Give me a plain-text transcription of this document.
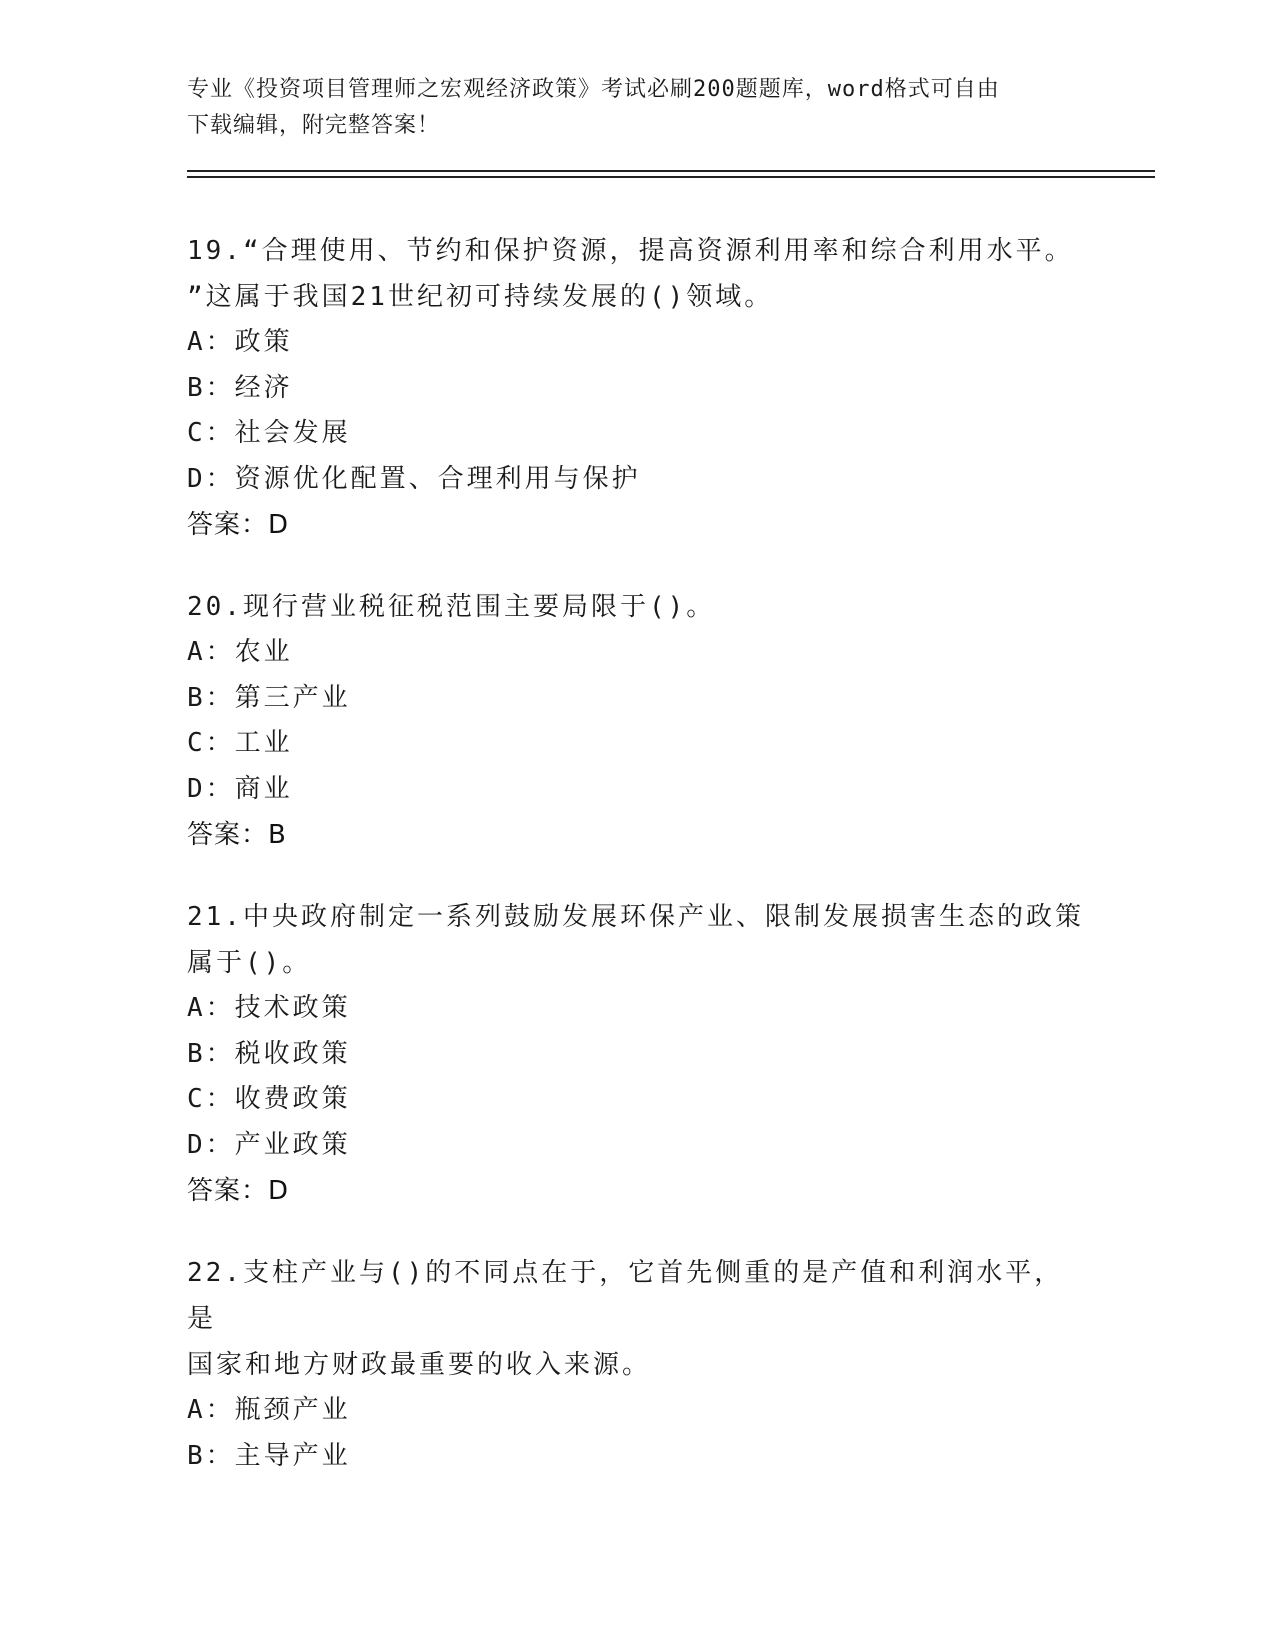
专业《投资项目管理师之宏观经济政策》考试必刷200题题库，word格式可自由
下载编辑，附完整答案！

19.“合理使用、节约和保护资源，提高资源利用率和综合利用水平。

”这属于我国21世纪初可持续发展的()领域。

A：政策

B：经济

C：社会发展

D：资源优化配置、合理利用与保护

答案：D

20.现行营业税征税范围主要局限于()。

A：农业

B：第三产业

C：工业

D：商业

答案：B

21.中央政府制定一系列鼓励发展环保产业、限制发展损害生态的政策

属于()。

A：技术政策

B：税收政策

C：收费政策

D：产业政策

答案：D

22.支柱产业与()的不同点在于，它首先侧重的是产值和利润水平，是

国家和地方财政最重要的收入来源。

A：瓶颈产业

B：主导产业
